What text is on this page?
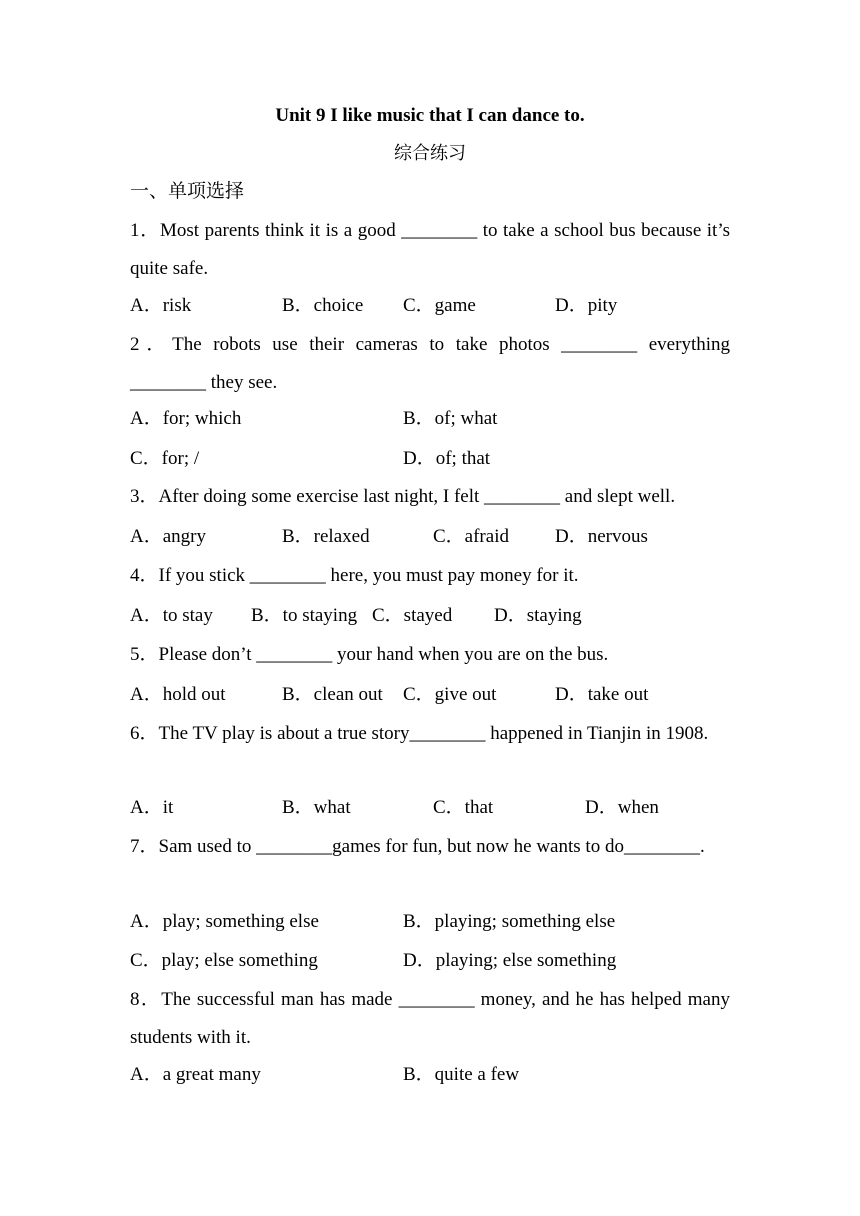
Unit 9 I like music that I can dance to.
综合练习
一、单项选择
1．Most parents think it is a good ________ to take a school bus because it’s quite safe.
A．risk	B．choice C．game	D．pity
2．The robots use their cameras to take photos ________ everything ________ they see.
A．for; which	B．of; what
C．for; /	D．of; that
3．After doing some exercise last night, I felt ________ and slept well.
A．angry	B．relaxed	C．afraid D．nervous
4．If you stick ________ here, you must pay money for it.
A．to stay B．to staying C．stayed D．staying
5．Please don’t ________ your hand when you are on the bus.
A．hold out	B．clean out C．give out	D．take out
6．The TV play is about a true story________ happened in Tianjin in 1908.
A．it	B．what	C．that	D．when
7．Sam used to ________games for fun, but now he wants to do________.
A．play; something else	B．playing; something else
C．play; else something	D．playing; else something
8．The successful man has made ________ money, and he has helped many students with it.
A．a great many	B．quite a few
